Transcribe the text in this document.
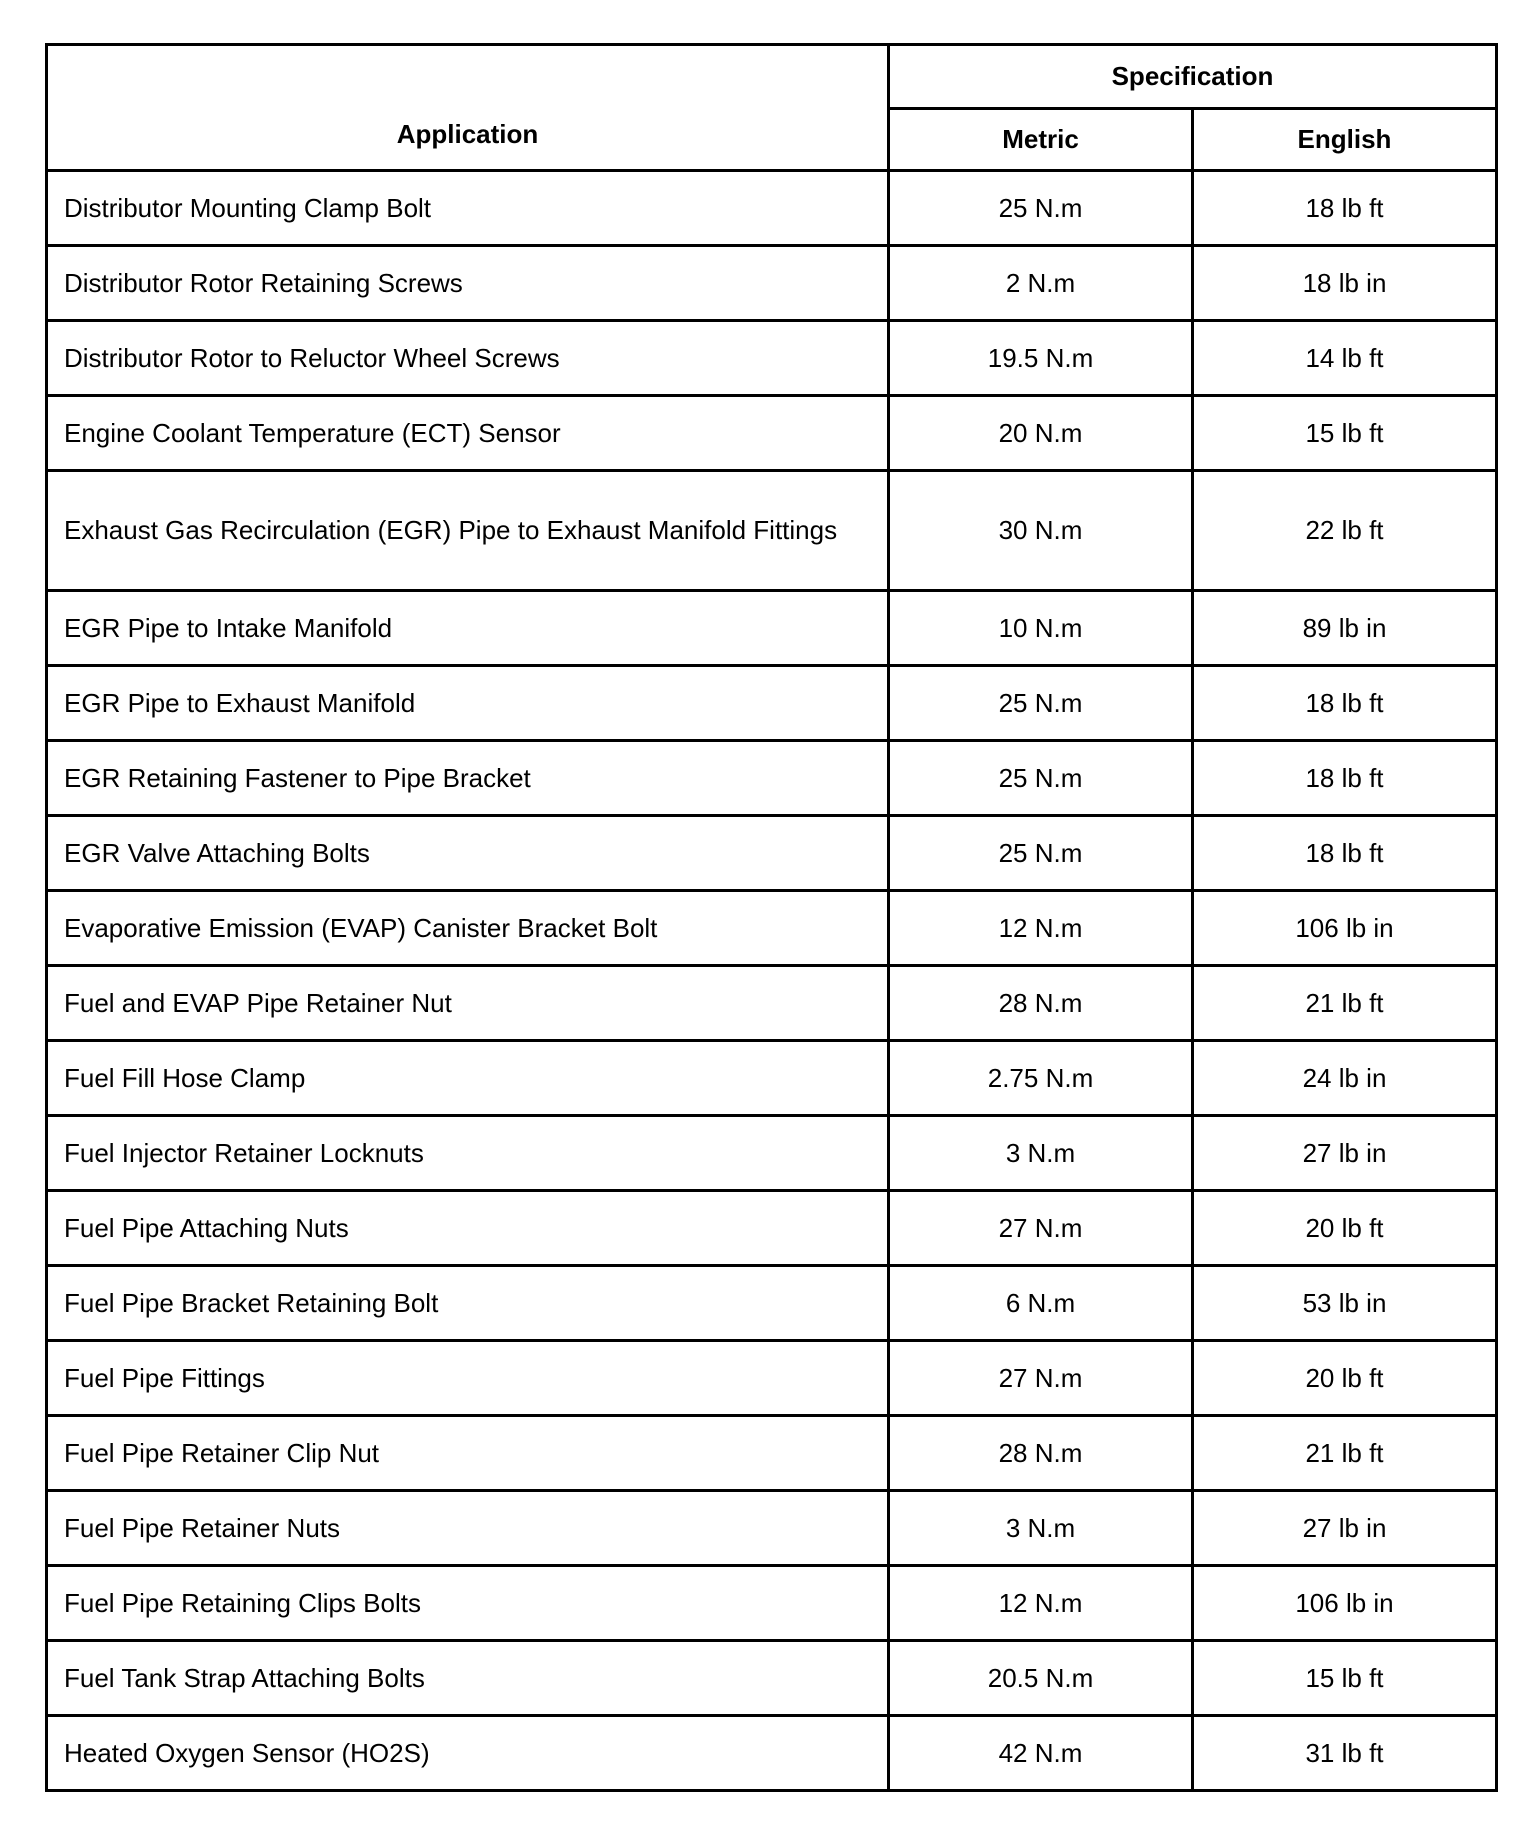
Application	Specification	
	Metric	English
Distributor Mounting Clamp Bolt	25 N.m	18 lb ft
Distributor Rotor Retaining Screws	2 N.m	18 lb in
Distributor Rotor to Reluctor Wheel Screws	19.5 N.m	14 lb ft
Engine Coolant Temperature (ECT) Sensor	20 N.m	15 lb ft
Exhaust Gas Recirculation (EGR) Pipe to Exhaust Manifold Fittings	30 N.m	22 lb ft
EGR Pipe to Intake Manifold	10 N.m	89 lb in
EGR Pipe to Exhaust Manifold	25 N.m	18 lb ft
EGR Retaining Fastener to Pipe Bracket	25 N.m	18 lb ft
EGR Valve Attaching Bolts	25 N.m	18 lb ft
Evaporative Emission (EVAP) Canister Bracket Bolt	12 N.m	106 lb in
Fuel and EVAP Pipe Retainer Nut	28 N.m	21 lb ft
Fuel Fill Hose Clamp	2.75 N.m	24 lb in
Fuel Injector Retainer Locknuts	3 N.m	27 lb in
Fuel Pipe Attaching Nuts	27 N.m	20 lb ft
Fuel Pipe Bracket Retaining Bolt	6 N.m	53 lb in
Fuel Pipe Fittings	27 N.m	20 lb ft
Fuel Pipe Retainer Clip Nut	28 N.m	21 lb ft
Fuel Pipe Retainer Nuts	3 N.m	27 lb in
Fuel Pipe Retaining Clips Bolts	12 N.m	106 lb in
Fuel Tank Strap Attaching Bolts	20.5 N.m	15 lb ft
Heated Oxygen Sensor (HO2S)	42 N.m	31 lb ft
